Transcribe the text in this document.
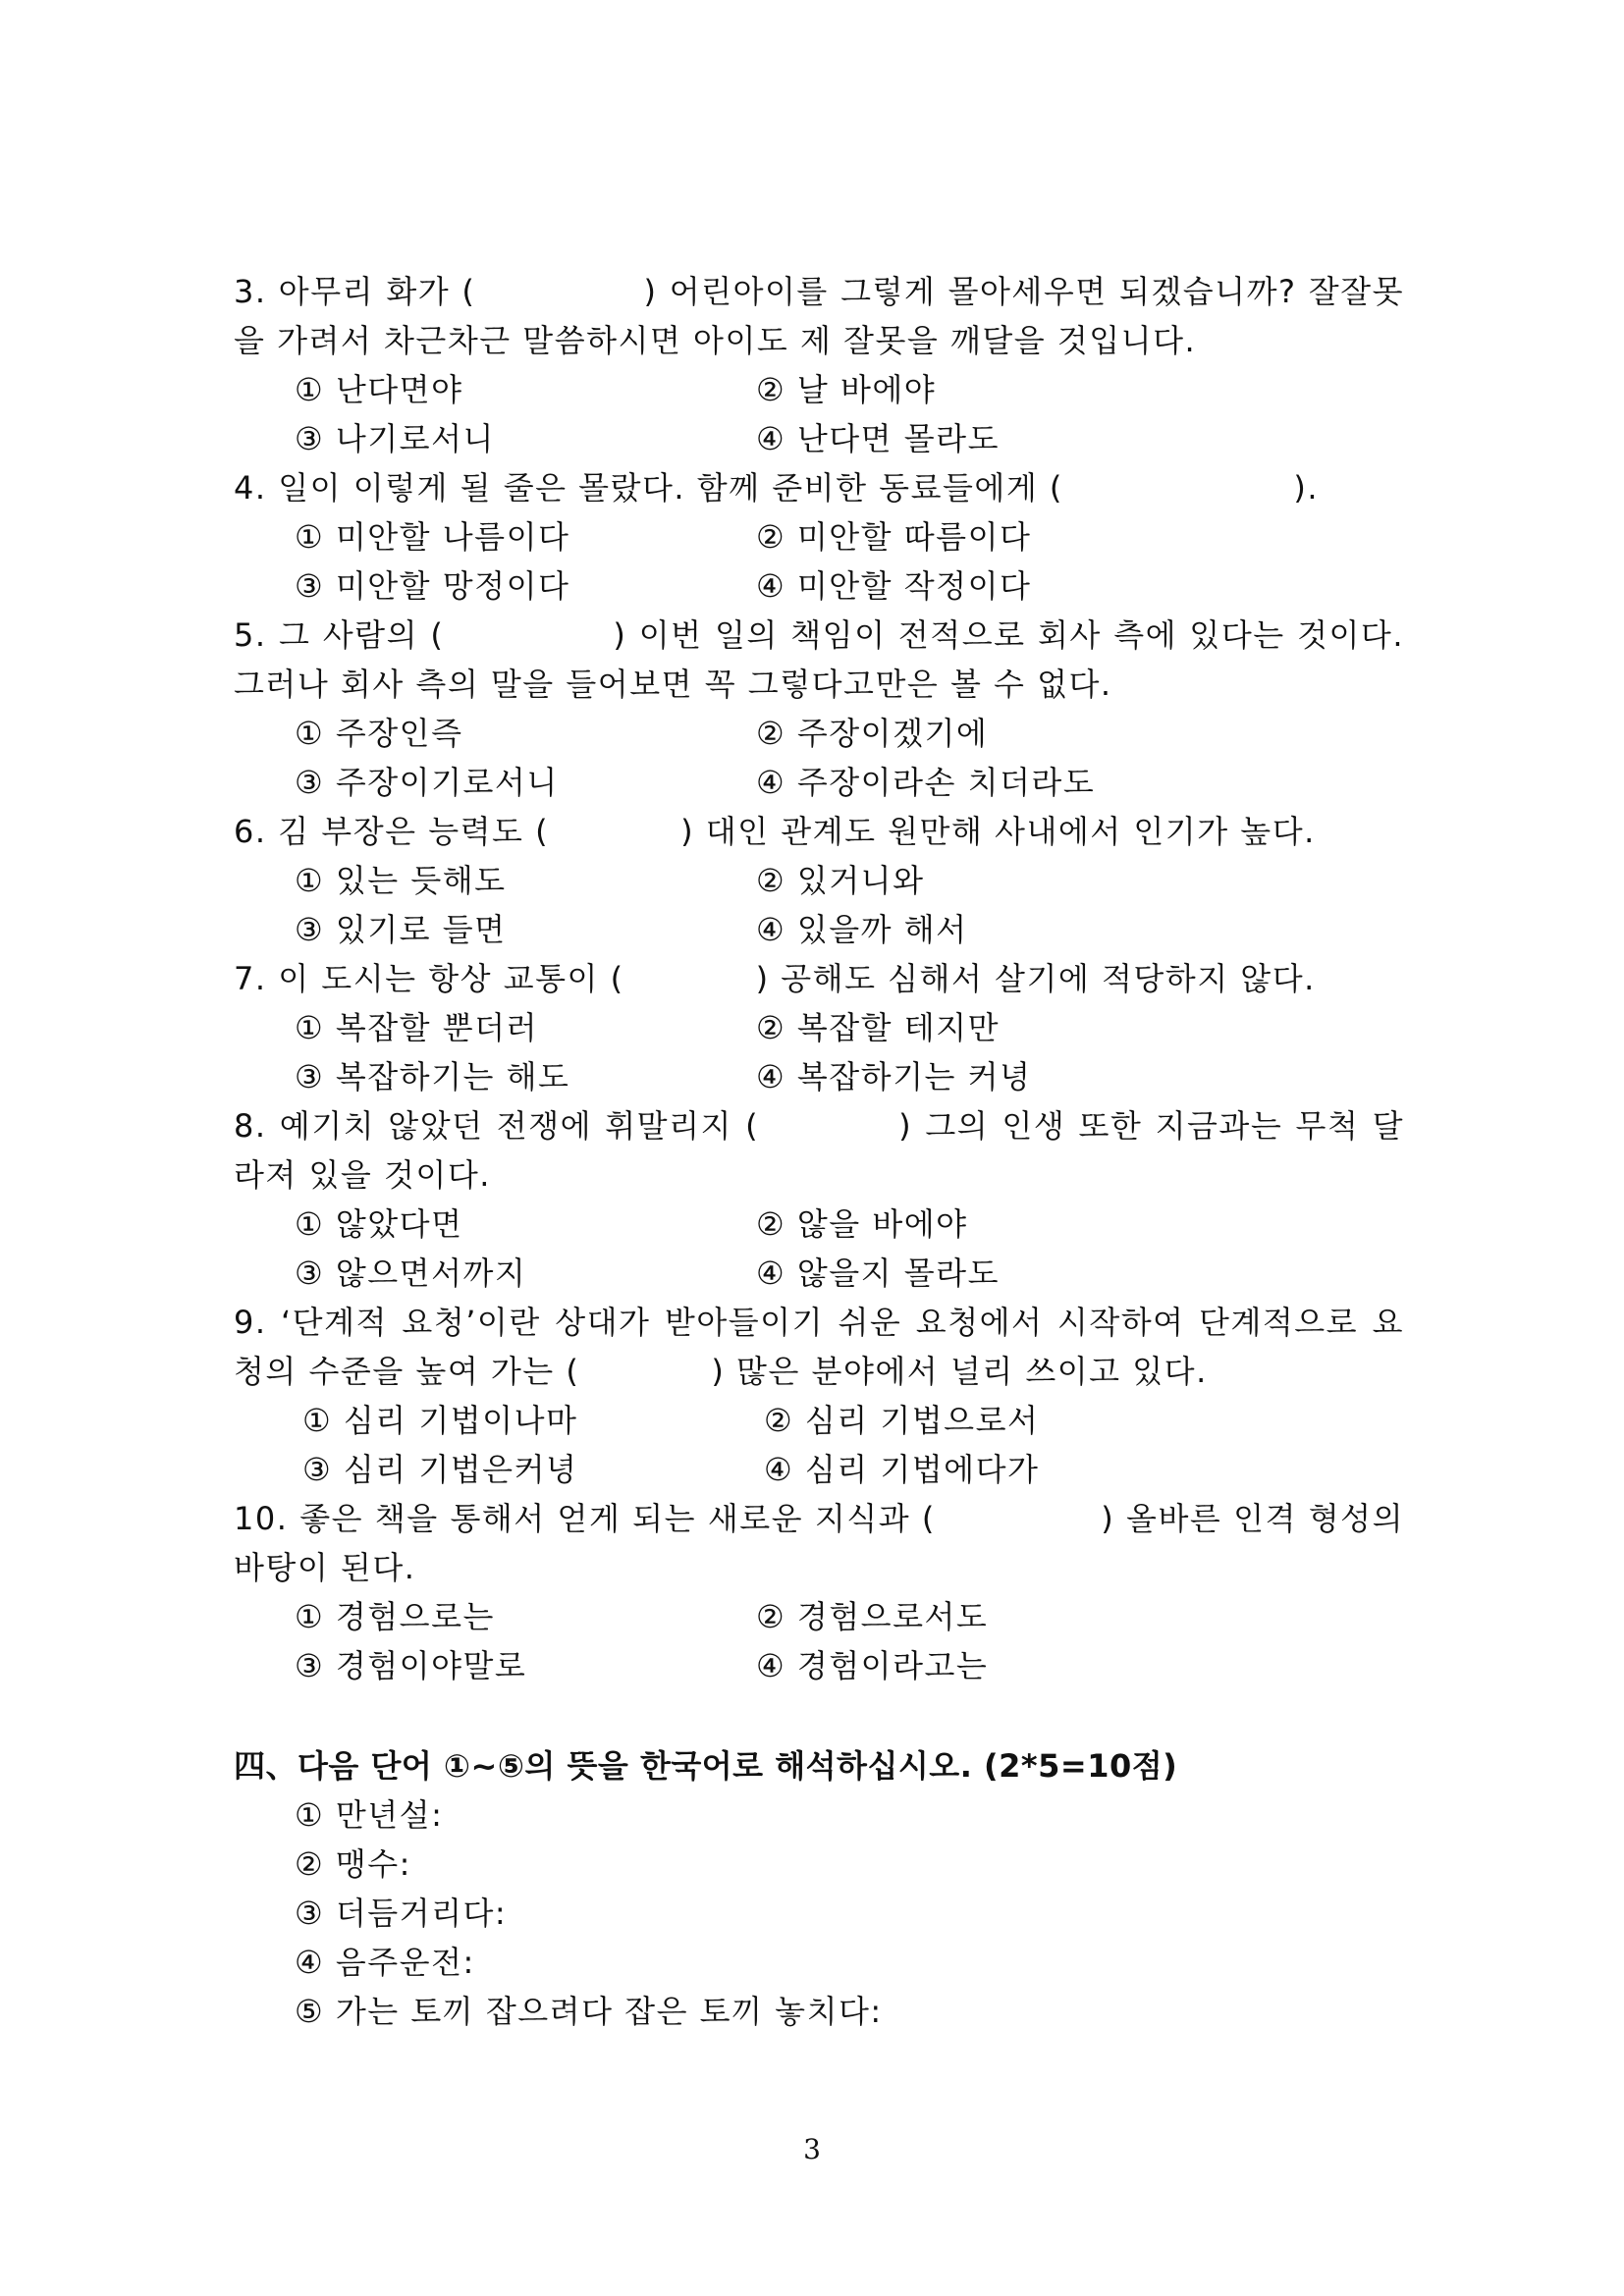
3. 아무리 화가 (　　　　　) 어린아이를 그렇게 몰아세우면 되겠습니까? 잘잘못을 가려서 차근차근 말씀하시면 아이도 제 잘못을 깨달을 것입니다.

① 난다면야	② 날 바에야
③ 나기로서니	④ 난다면 몰라도

4. 일이 이렇게 될 줄은 몰랐다. 함께 준비한 동료들에게 (　　　　　　　).

① 미안할 나름이다	② 미안할 따름이다
③ 미안할 망정이다	④ 미안할 작정이다

5. 그 사람의 (　　　　　) 이번 일의 책임이 전적으로 회사 측에 있다는 것이다. 그러나 회사 측의 말을 들어보면 꼭 그렇다고만은 볼 수 없다.

① 주장인즉	② 주장이겠기에
③ 주장이기로서니	④ 주장이라손 치더라도

6. 김 부장은 능력도 (　　　　) 대인 관계도 원만해 사내에서 인기가 높다.

① 있는 듯해도	② 있거니와
③ 있기로 들면	④ 있을까 해서

7. 이 도시는 항상 교통이 (　　　　) 공해도 심해서 살기에 적당하지 않다.

① 복잡할 뿐더러	② 복잡할 테지만
③ 복잡하기는 해도	④ 복잡하기는 커녕

8. 예기치 않았던 전쟁에 휘말리지 (　　　　) 그의 인생 또한 지금과는 무척 달라져 있을 것이다.

① 않았다면	② 않을 바에야
③ 않으면서까지	④ 않을지 몰라도

9. ‘단계적 요청’이란 상대가 받아들이기 쉬운 요청에서 시작하여 단계적으로 요청의 수준을 높여 가는 (　　　　) 많은 분야에서 널리 쓰이고 있다.

① 심리 기법이나마	② 심리 기법으로서
③ 심리 기법은커녕	④ 심리 기법에다가

10. 좋은 책을 통해서 얻게 되는 새로운 지식과 (　　　　　) 올바른 인격 형성의 바탕이 된다.

① 경험으로는	② 경험으로서도
③ 경험이야말로	④ 경험이라고는
四、다음 단어 ①~⑤의 뜻을 한국어로 해석하십시오. (2*5=10점)
① 만년설:
② 맹수:
③ 더듬거리다:
④ 음주운전:
⑤ 가는 토끼 잡으려다 잡은 토끼 놓치다:
3
